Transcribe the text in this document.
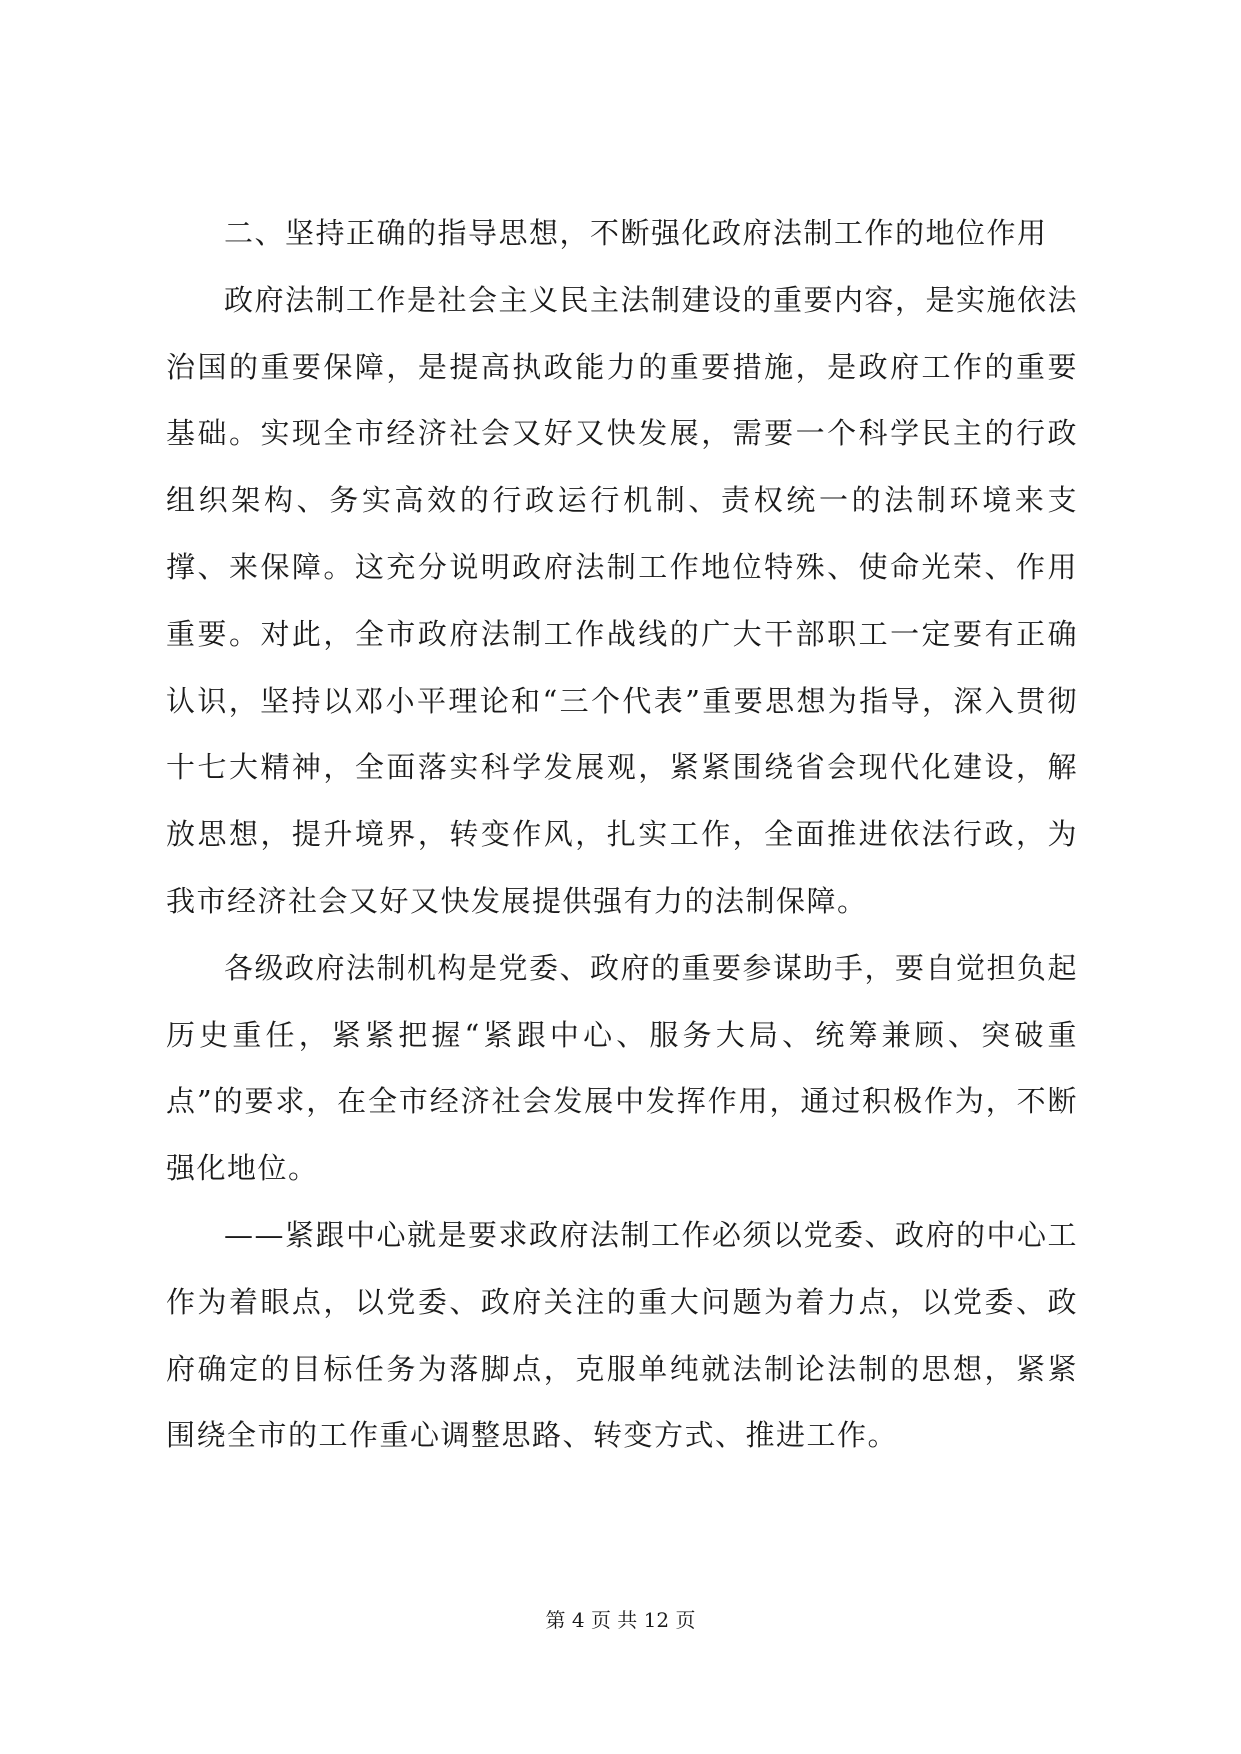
二、坚持正确的指导思想，不断强化政府法制工作的地位作用

政府法制工作是社会主义民主法制建设的重要内容，是实施依法治国的重要保障，是提高执政能力的重要措施，是政府工作的重要基础。实现全市经济社会又好又快发展，需要一个科学民主的行政组织架构、务实高效的行政运行机制、责权统一的法制环境来支撑、来保障。这充分说明政府法制工作地位特殊、使命光荣、作用重要。对此，全市政府法制工作战线的广大干部职工一定要有正确认识，坚持以邓小平理论和“三个代表”重要思想为指导，深入贯彻十七大精神，全面落实科学发展观，紧紧围绕省会现代化建设，解放思想，提升境界，转变作风，扎实工作，全面推进依法行政，为我市经济社会又好又快发展提供强有力的法制保障。

各级政府法制机构是党委、政府的重要参谋助手，要自觉担负起历史重任，紧紧把握“紧跟中心、服务大局、统筹兼顾、突破重点”的要求，在全市经济社会发展中发挥作用，通过积极作为，不断强化地位。

——紧跟中心就是要求政府法制工作必须以党委、政府的中心工作为着眼点，以党委、政府关注的重大问题为着力点，以党委、政府确定的目标任务为落脚点，克服单纯就法制论法制的思想，紧紧围绕全市的工作重心调整思路、转变方式、推进工作。

第 4 页 共 12 页
